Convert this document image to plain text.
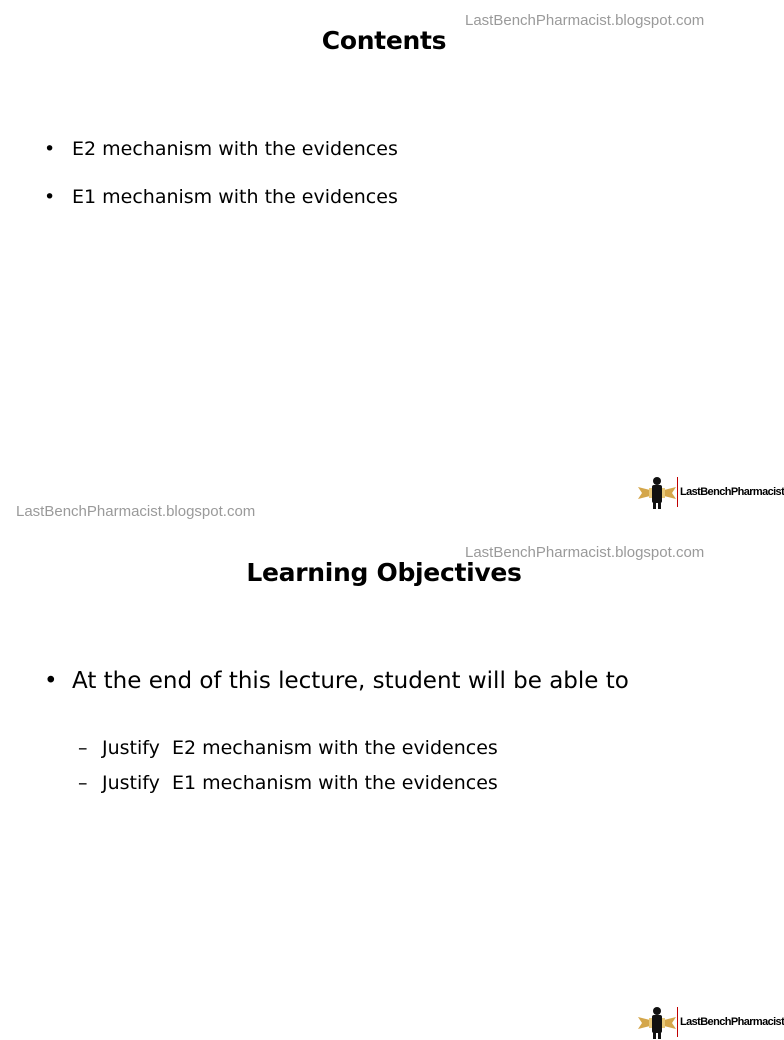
LastBenchPharmacist.blogspot.com
Contents
• E2 mechanism with the evidences
• E1 mechanism with the evidences
LastBenchPharmacist
LastBenchPharmacist.blogspot.com
LastBenchPharmacist.blogspot.com
Learning Objectives
• At the end of this lecture, student will be able to
– Justify  E2 mechanism with the evidences
– Justify  E1 mechanism with the evidences
LastBenchPharmacist
